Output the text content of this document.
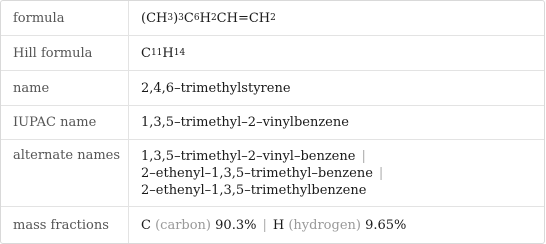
formula	(CH 3 ) 3 C 6 H 2 CH=CH 2
Hill formula	C 11 H 14
name	2,4,6–trimethylstyrene
IUPAC name	1,3,5–trimethyl–2–vinylbenzene
alternate names	1,3,5–trimethyl–2–vinyl–benzene |
2–ethenyl–1,3,5–trimethyl–benzene |
2–ethenyl–1,3,5–trimethylbenzene
mass fractions	C
(carbon)
90.3% | H
(hydrogen)
9.65%
